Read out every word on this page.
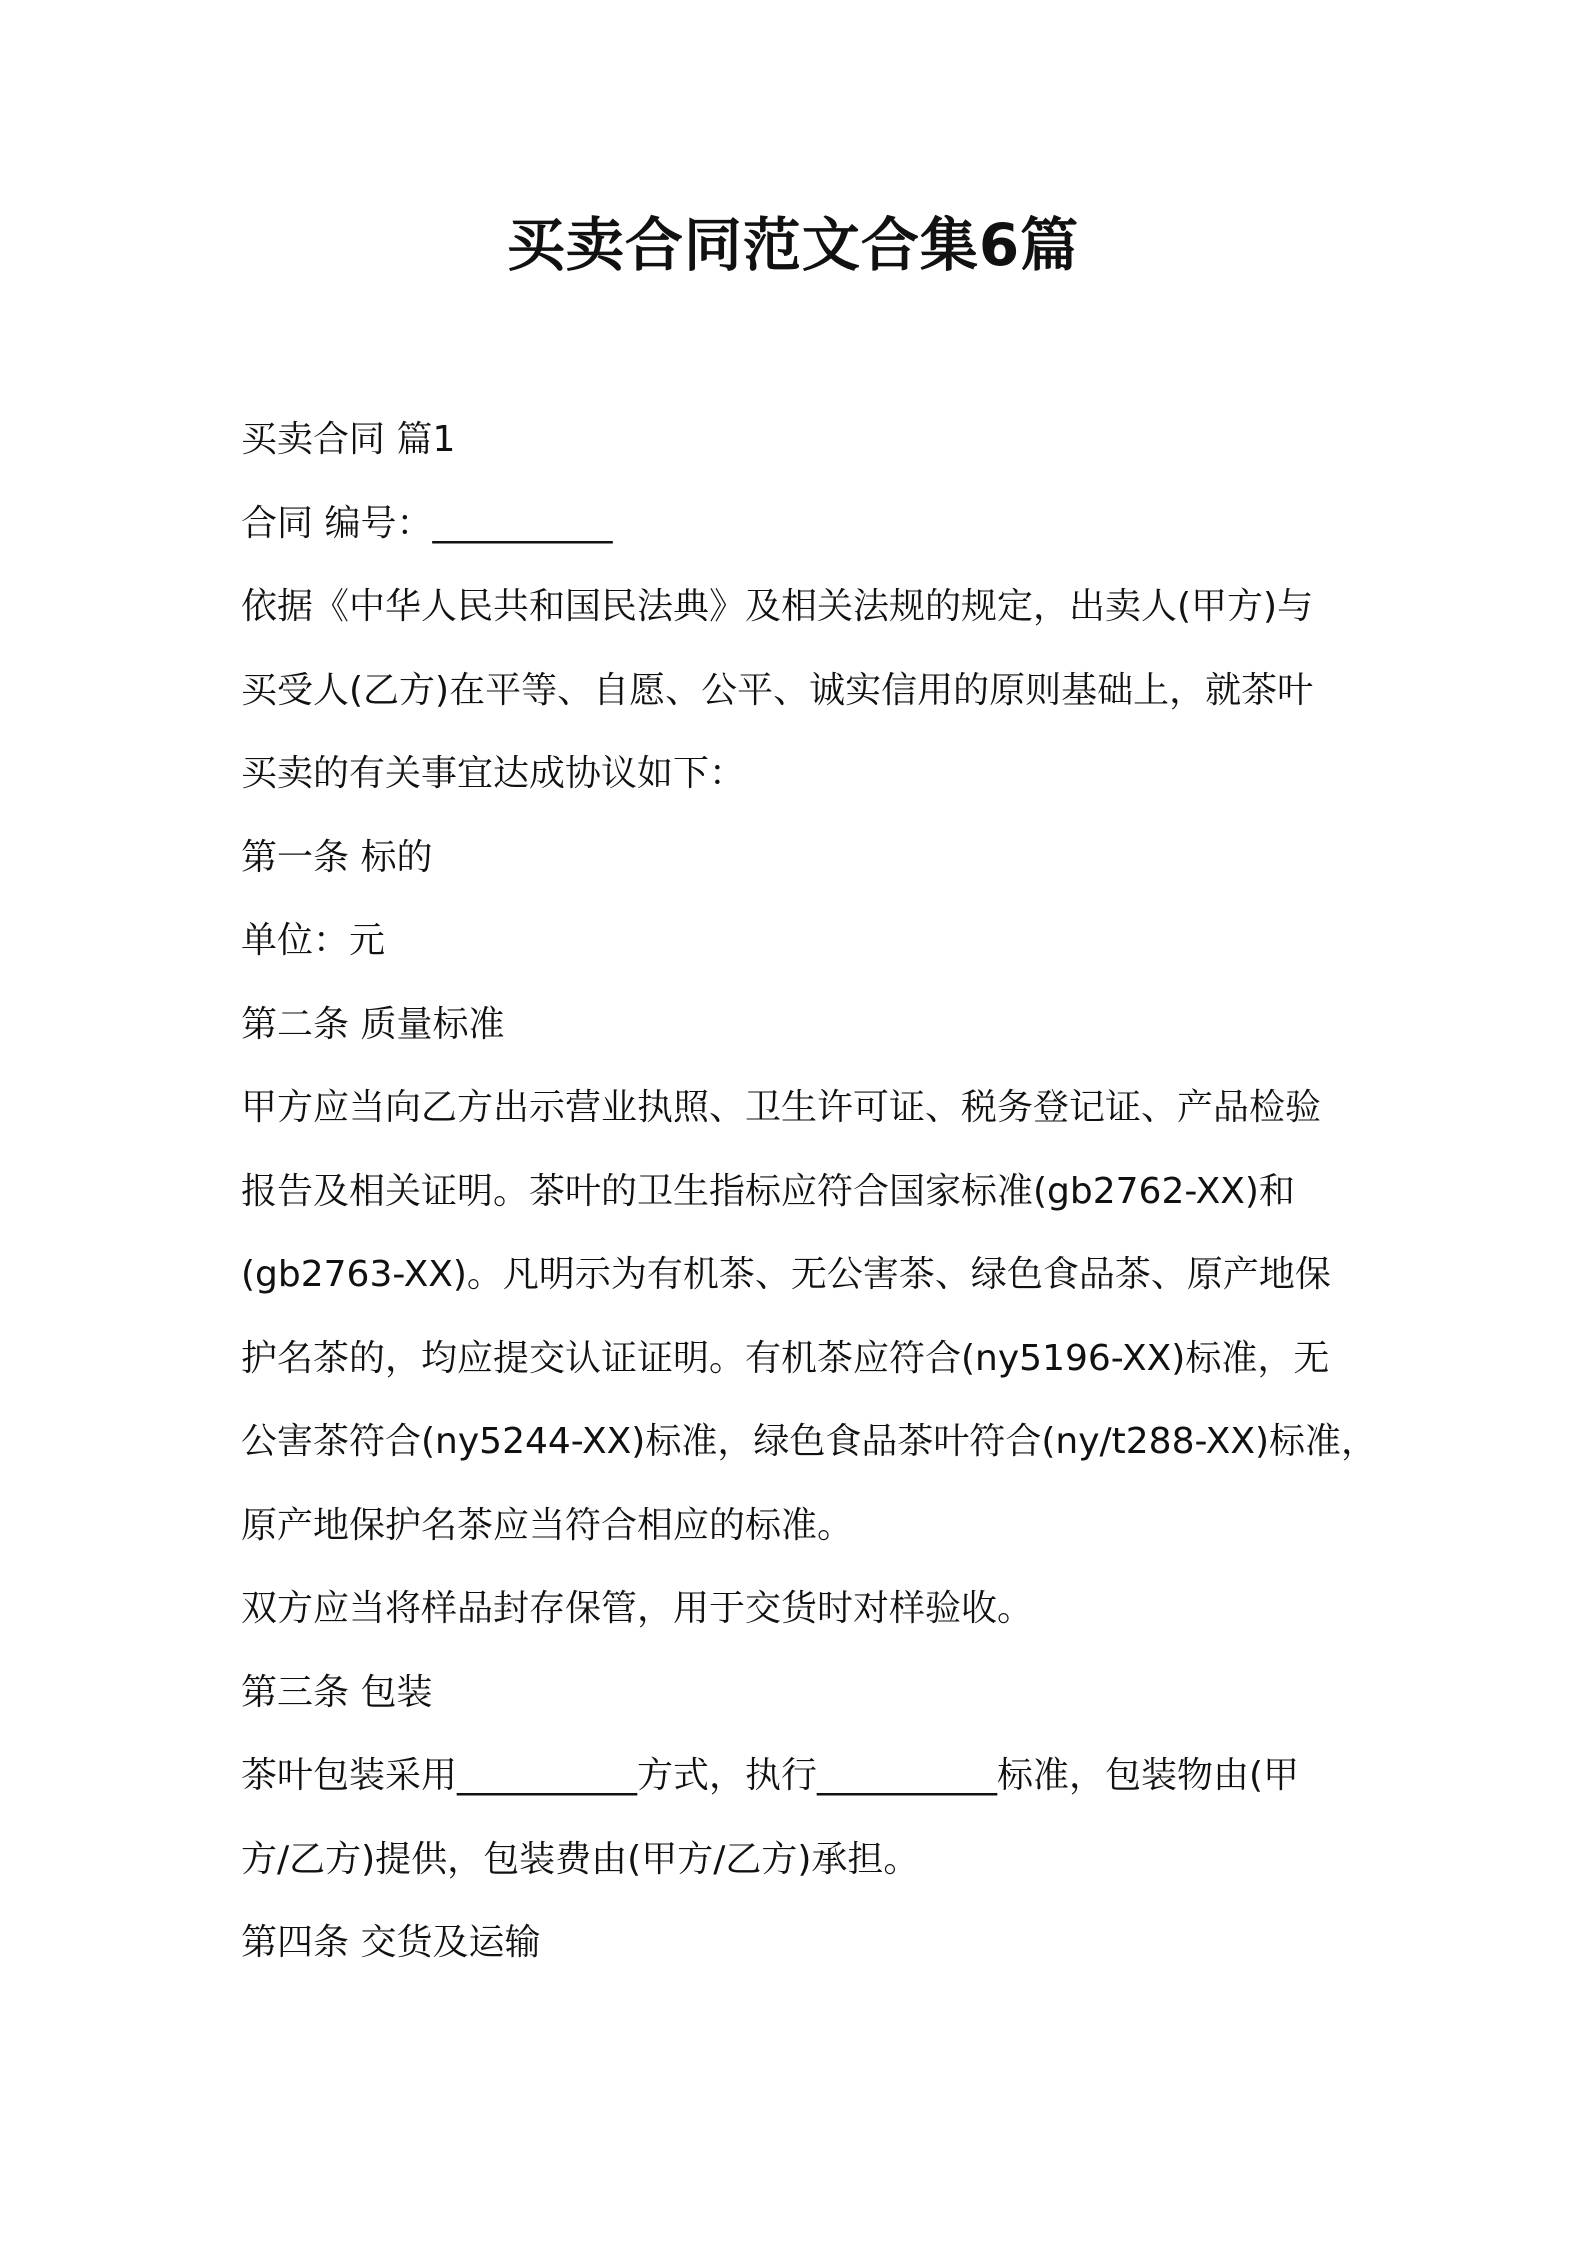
买卖合同范文合集6篇
买卖合同 篇1
合同 编号：__________
依据《中华人民共和国民法典》及相关法规的规定，出卖人(甲方)与
买受人(乙方)在平等、自愿、公平、诚实信用的原则基础上，就茶叶
买卖的有关事宜达成协议如下：
第一条 标的
单位：元
第二条 质量标准
甲方应当向乙方出示营业执照、卫生许可证、税务登记证、产品检验
报告及相关证明。茶叶的卫生指标应符合国家标准(gb2762-XX)和
(gb2763-XX)。凡明示为有机茶、无公害茶、绿色食品茶、原产地保
护名茶的，均应提交认证证明。有机茶应符合(ny5196-XX)标准，无
公害茶符合(ny5244-XX)标准，绿色食品茶叶符合(ny/t288-XX)标准，
原产地保护名茶应当符合相应的标准。
双方应当将样品封存保管，用于交货时对样验收。
第三条 包装
茶叶包装采用__________方式，执行__________标准，包装物由(甲
方/乙方)提供，包装费由(甲方/乙方)承担。
第四条 交货及运输
